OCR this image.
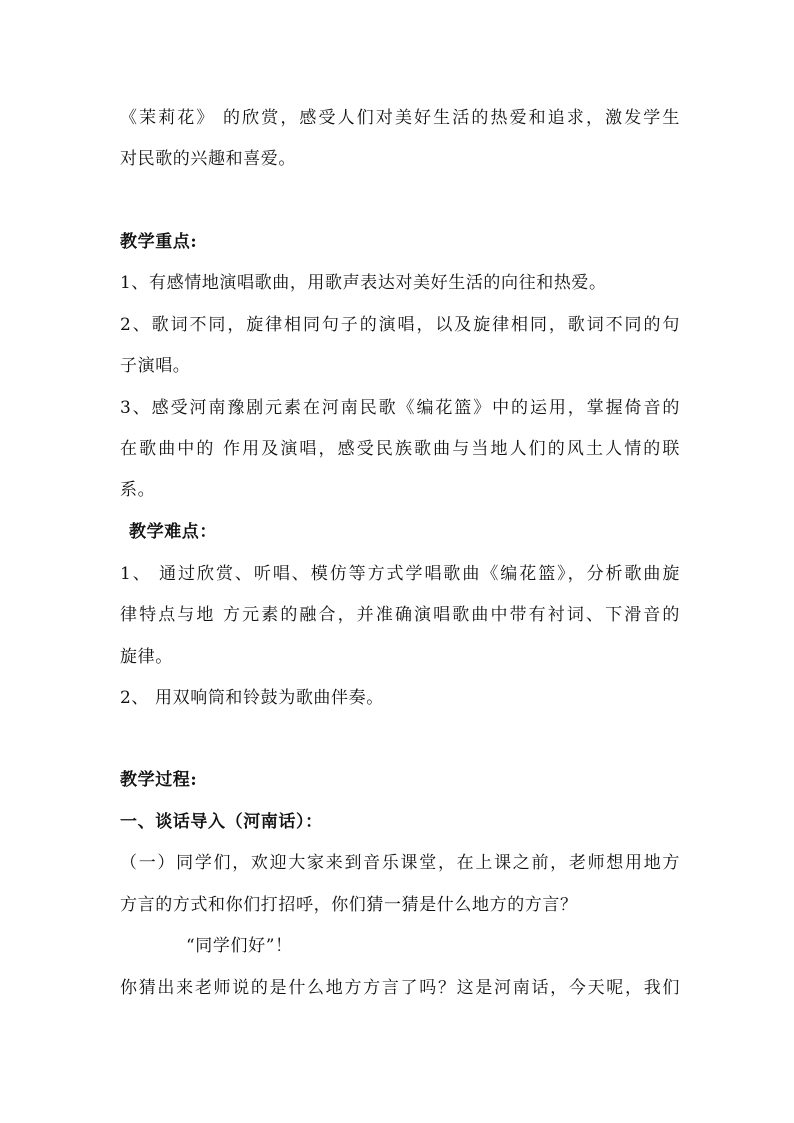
《茉莉花》 的欣赏，感受人们对美好生活的热爱和追求，激发学生
对民歌的兴趣和喜爱。
教学重点:
1、有感情地演唱歌曲，用歌声表达对美好生活的向往和热爱。
2、歌词不同，旋律相同句子的演唱，以及旋律相同，歌词不同的句
子演唱。
3、感受河南豫剧元素在河南民歌《编花篮》中的运用，掌握倚音的
在歌曲中的 作用及演唱，感受民族歌曲与当地人们的风土人情的联
系。
教学难点：
1、 通过欣赏、听唱、模仿等方式学唱歌曲《编花篮》，分析歌曲旋
律特点与地 方元素的融合，并准确演唱歌曲中带有衬词、下滑音的
旋律。
2、 用双响筒和铃鼓为歌曲伴奏。
教学过程:
一、谈话导入（河南话）：
（一）同学们，欢迎大家来到音乐课堂，在上课之前，老师想用地方
方言的方式和你们打招呼，你们猜一猜是什么地方的方言？
“同学们好”！
你猜出来老师说的是什么地方方言了吗？这是河南话，今天呢，我们
